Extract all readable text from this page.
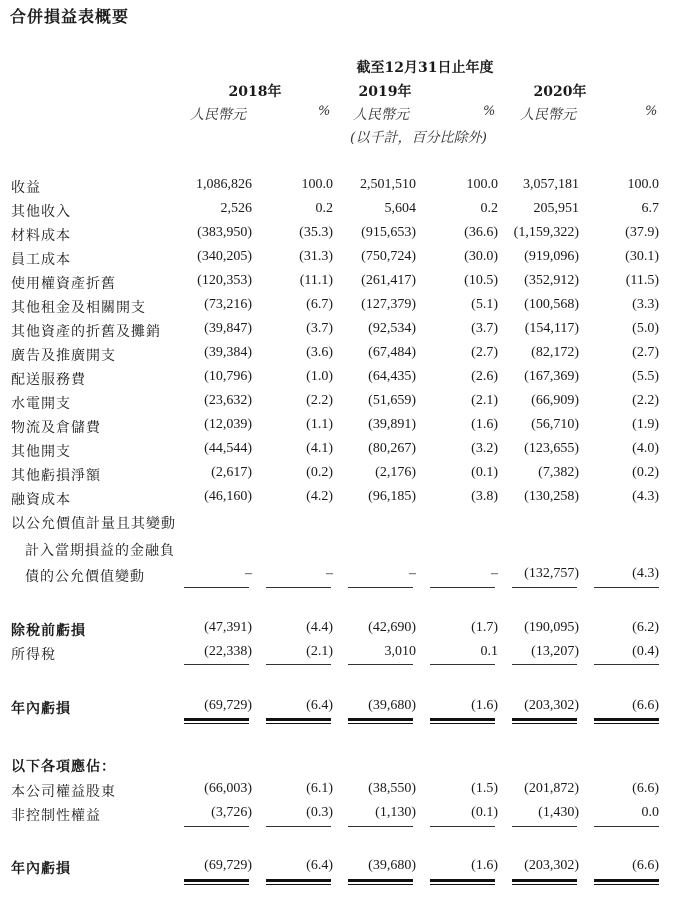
合併損益表概要
截至12月31日止年度
2018年	2019年	2020年
人民幣元	% 人民幣元	% 人民幣元	%
(以千計，百分比除外)
收益	1,086,826	100.0 2,501,510	100.0 3,057,181	100.0
其他收入	2,526	0.2	5,604	0.2	205,951	6.7
材料成本	(383,950)	(35.3) (915,653)	(36.6) (1,159,322)	(37.9)
員工成本	(340,205)	(31.3) (750,724)	(30.0) (919,096)	(30.1)
使用權資產折舊	(120,353)	(11.1) (261,417)	(10.5) (352,912)	(11.5)
其他租金及相關開支	(73,216)	(6.7) (127,379)	(5.1) (100,568)	(3.3)
其他資產的折舊及攤銷	(39,847)	(3.7)	(92,534)	(3.7) (154,117)	(5.0)
廣告及推廣開支	(39,384)	(3.6)	(67,484)	(2.7) (82,172)	(2.7)
配送服務費	(10,796)	(1.0)	(64,435)	(2.6) (167,369)	(5.5)
水電開支	(23,632)	(2.2)	(51,659)	(2.1) (66,909)	(2.2)
物流及倉儲費	(12,039)	(1.1)	(39,891)	(1.6) (56,710)	(1.9)
其他開支	(44,544)	(4.1)	(80,267)	(3.2) (123,655)	(4.0)
其他虧損淨額	(2,617)	(0.2)	(2,176)	(0.1)	(7,382)	(0.2)
融資成本	(46,160)	(4.2)	(96,185)	(3.8) (130,258)	(4.3)
以公允價值計量且其變動
計入當期損益的金融負
債的公允價值變動	–	–	–	– (132,757)	(4.3)
除稅前虧損	(47,391)	(4.4)	(42,690)	(1.7) (190,095)	(6.2)
所得稅	(22,338)	(2.1)	3,010	0.1 (13,207)	(0.4)
年內虧損	(69,729)	(6.4)	(39,680)	(1.6) (203,302)	(6.6)
以下各項應佔：
本公司權益股東	(66,003)	(6.1)	(38,550)	(1.5) (201,872)	(6.6)
非控制性權益	(3,726)	(0.3)	(1,130)	(0.1)	(1,430)	0.0
年內虧損	(69,729)	(6.4)	(39,680)	(1.6) (203,302)	(6.6)
